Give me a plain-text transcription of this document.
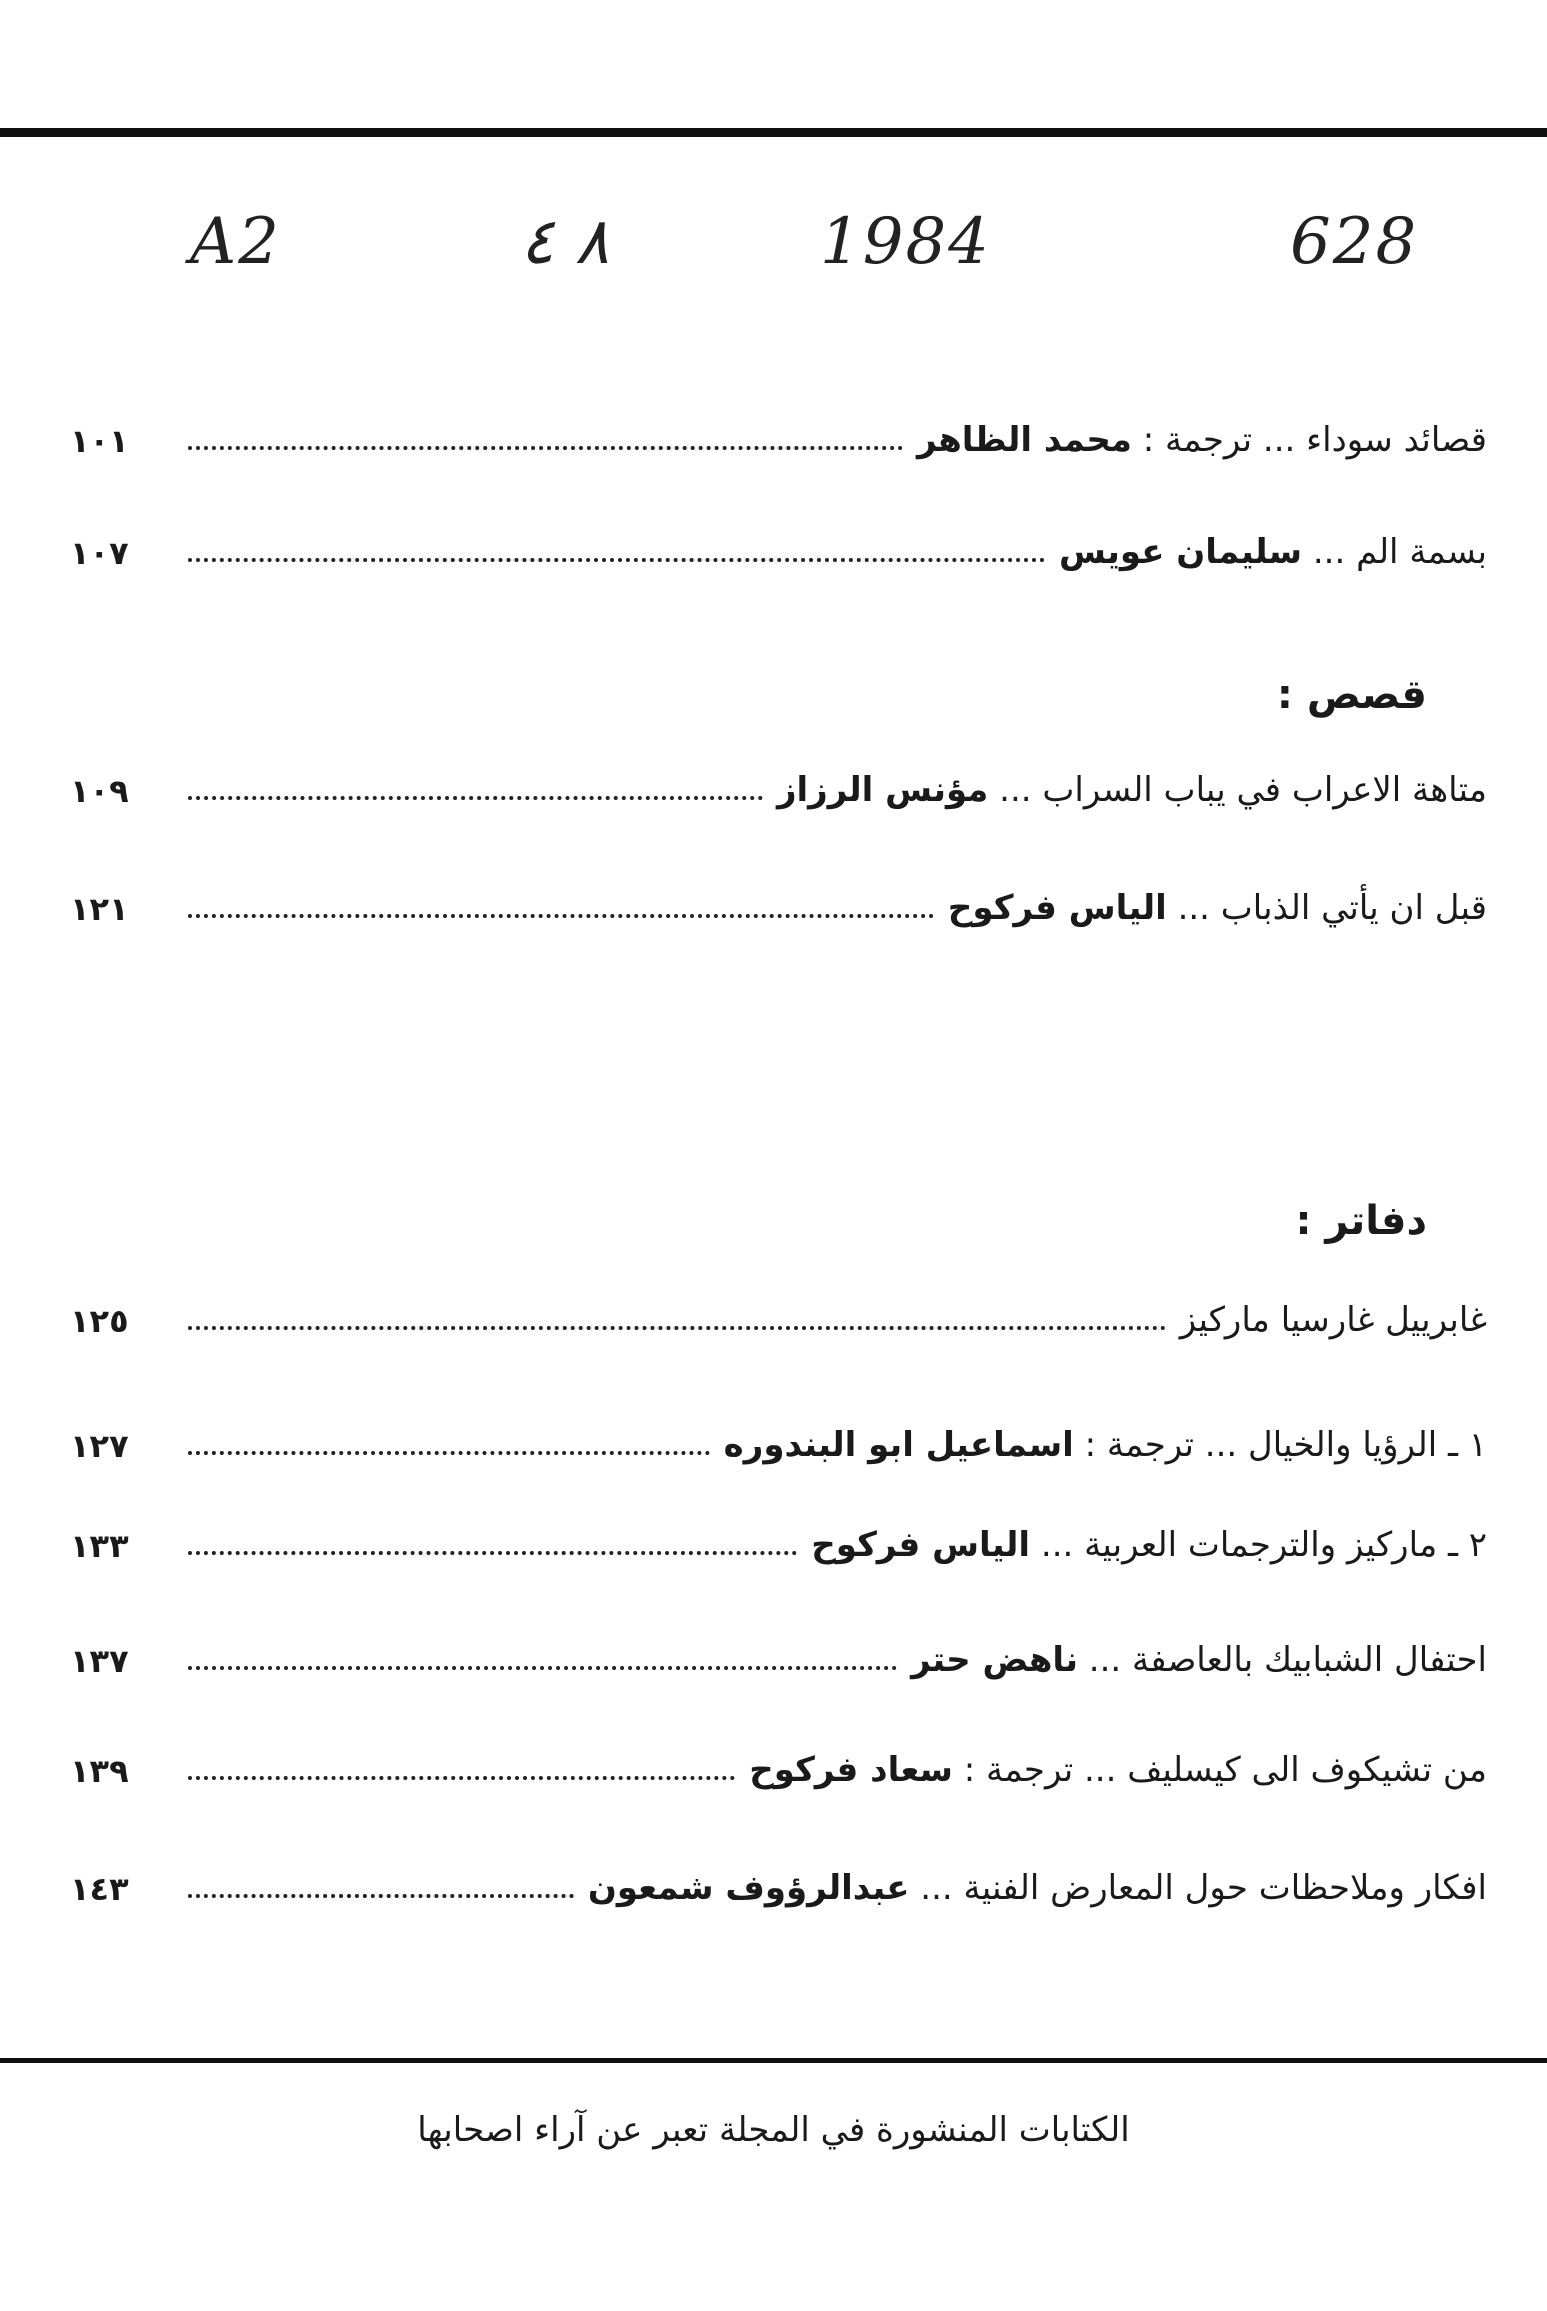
A2	٨ ٤	1984	628
قصائد سوداء ... ترجمة : محمد الظاهر
١٠١
بسمة الم ... سليمان عويس
١٠٧
قصص :
متاهة الاعراب في يباب السراب ... مؤنس الرزاز
١٠٩
قبل ان يأتي الذباب ... الياس فركوح
١٢١
دفاتر :
غابرييل غارسيا ماركيز
١٢٥
١ ـ الرؤيا والخيال ... ترجمة : اسماعيل ابو البندوره
١٢٧
٢ ـ ماركيز والترجمات العربية ... الياس فركوح
١٣٣
احتفال الشبابيك بالعاصفة ... ناهض حتر
١٣٧
من تشيكوف الى كيسليف ... ترجمة : سعاد فركوح
١٣٩
افكار وملاحظات حول المعارض الفنية ... عبدالرؤوف شمعون
١٤٣
الكتابات المنشورة في المجلة تعبر عن آراء اصحابها
